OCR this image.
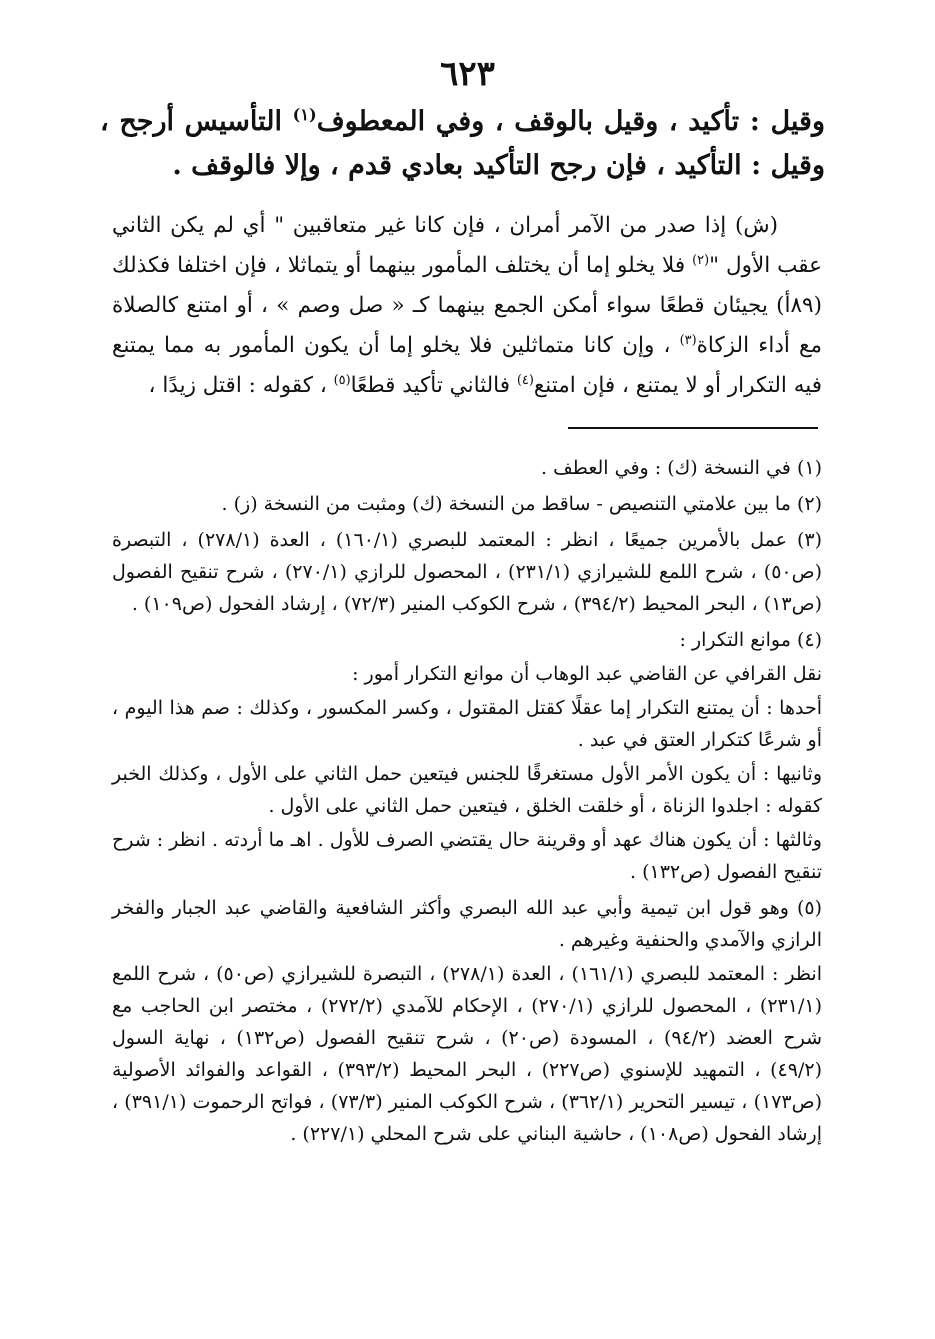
٦٢٣

وقيل : تأكيد ، وقيل بالوقف ، وفي المعطوف$^{(١)}$ التأسيس أرجح ، وقيل : التأكيد ، فإن رجح التأكيد بعادي قدم ، وإلا فالوقف .

(ش) إذا صدر من الآمر أمران ، فإن كانا غير متعاقبين " أي لم يكن الثاني عقب الأول "$^{(٢)}$ فلا يخلو إما أن يختلف المأمور بينهما أو يتماثلا ، فإن اختلفا فكذلك (٨٩أ) يجيئان قطعًا سواء أمكن الجمع بينهما كـ « صل وصم » ، أو امتنع كالصلاة مع أداء الزكاة$^{(٣)}$ ، وإن كانا متماثلين فلا يخلو إما أن يكون المأمور به مما يمتنع فيه التكرار أو لا يمتنع ، فإن امتنع$^{(٤)}$ فالثاني تأكيد قطعًا$^{(٥)}$ ، كقوله : اقتل زيدًا ،

(١) في النسخة (ك) : وفي العطف .

(٢) ما بين علامتي التنصيص - ساقط من النسخة (ك) ومثبت من النسخة (ز) .

(٣) عمل بالأمرين جميعًا ، انظر : المعتمد للبصري (١٦٠/١) ، العدة (٢٧٨/١) ، التبصرة (ص٥٠) ، شرح اللمع للشيرازي (٢٣١/١) ، المحصول للرازي (٢٧٠/١) ، شرح تنقيح الفصول (ص١٣) ، البحر المحيط (٣٩٤/٢) ، شرح الكوكب المنير (٧٢/٣) ، إرشاد الفحول (ص١٠٩) .

(٤) موانع التكرار :

نقل القرافي عن القاضي عبد الوهاب أن موانع التكرار أمور :

أحدها : أن يمتنع التكرار إما عقلًا كقتل المقتول ، وكسر المكسور ، وكذلك : صم هذا اليوم ، أو شرعًا كتكرار العتق في عبد .

وثانيها : أن يكون الأمر الأول مستغرقًا للجنس فيتعين حمل الثاني على الأول ، وكذلك الخبر كقوله : اجلدوا الزناة ، أو خلقت الخلق ، فيتعين حمل الثاني على الأول .

وثالثها : أن يكون هناك عهد أو وقرينة حال يقتضي الصرف للأول . اهـ ما أردته . انظر : شرح تنقيح الفصول (ص١٣٢) .

(٥) وهو قول ابن تيمية وأبي عبد الله البصري وأكثر الشافعية والقاضي عبد الجبار والفخر الرازي والآمدي والحنفية وغيرهم .

انظر : المعتمد للبصري (١٦١/١) ، العدة (٢٧٨/١) ، التبصرة للشيرازي (ص٥٠) ، شرح اللمع (٢٣١/١) ، المحصول للرازي (٢٧٠/١) ، الإحكام للآمدي (٢٧٢/٢) ، مختصر ابن الحاجب مع شرح العضد (٩٤/٢) ، المسودة (ص٢٠) ، شرح تنقيح الفصول (ص١٣٢) ، نهاية السول (٤٩/٢) ، التمهيد للإسنوي (ص٢٢٧) ، البحر المحيط (٣٩٣/٢) ، القواعد والفوائد الأصولية (ص١٧٣) ، تيسير التحرير (٣٦٢/١) ، شرح الكوكب المنير (٧٣/٣) ، فواتح الرحموت (٣٩١/١) ، إرشاد الفحول (ص١٠٨) ، حاشية البناني على شرح المحلي (٢٢٧/١) .
